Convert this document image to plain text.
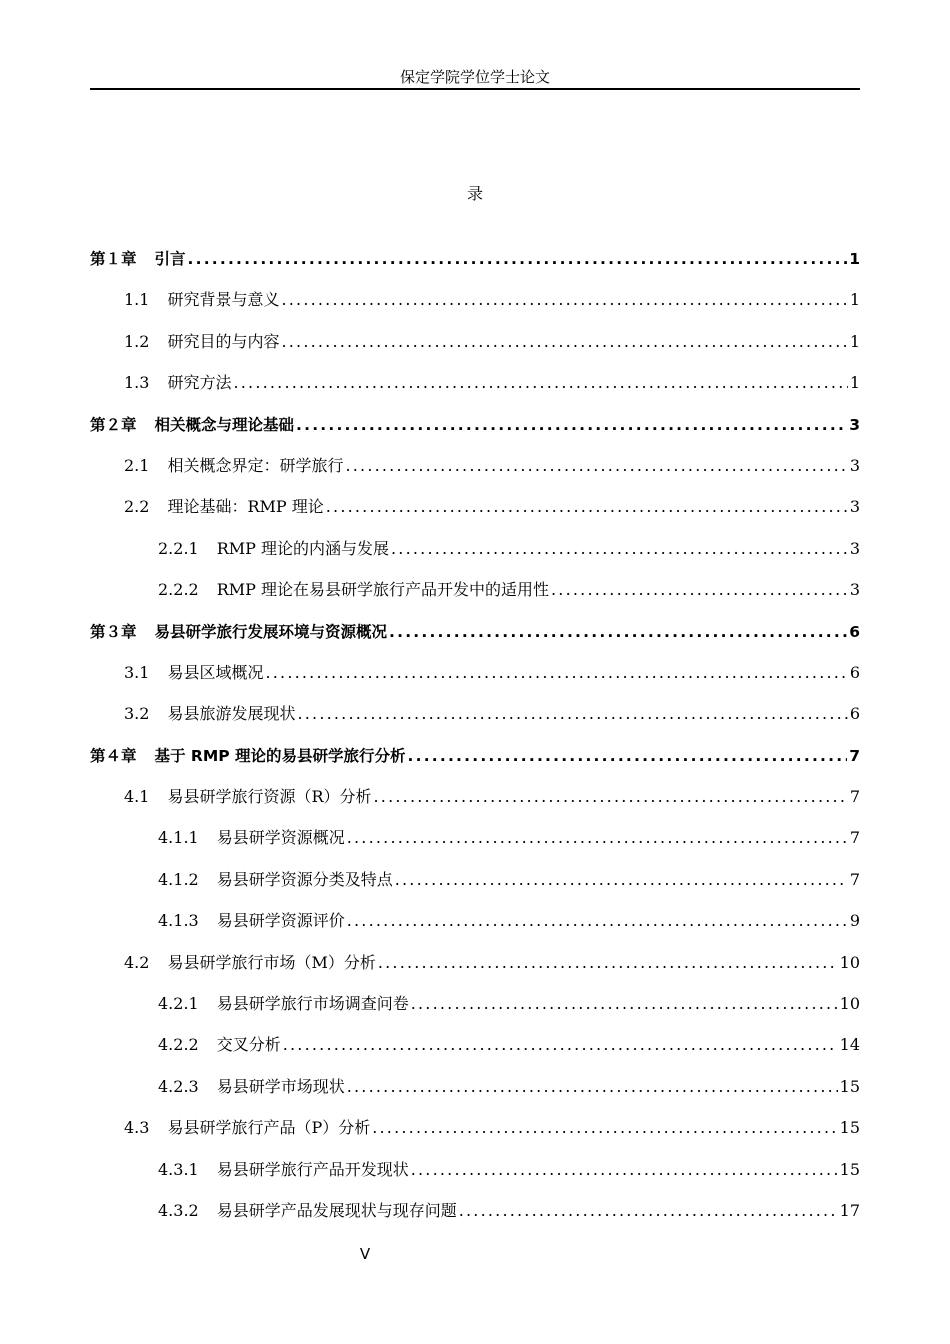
保定学院学位学士论文
录
第１章 引言 .....	1
1.1 研究背景与意义 .....	1
1.2 研究目的与内容 .....	1
1.3 研究方法 .....	1
第２章 相关概念与理论基础 .....	3
2.1 相关概念界定：研学旅行 .....	3
2.2 理论基础：RMP 理论 .....	3
2.2.1 RMP 理论的内涵与发展 .....	3
2.2.2 RMP 理论在易县研学旅行产品开发中的适用性 .....	3
第３章 易县研学旅行发展环境与资源概况 .....	6
3.1 易县区域概况 .....	6
3.2 易县旅游发展现状 .....	6
第４章 基于 RMP 理论的易县研学旅行分析 .....	7
4.1 易县研学旅行资源（R）分析 .....	7
4.1.1 易县研学资源概况 .....	7
4.1.2 易县研学资源分类及特点 .....	7
4.1.3 易县研学资源评价 .....	9
4.2 易县研学旅行市场（M）分析 .....	10
4.2.1 易县研学旅行市场调查问卷 .....	10
4.2.2 交叉分析 .....	14
4.2.3 易县研学市场现状 .....	15
4.3 易县研学旅行产品（P）分析 .....	15
4.3.1 易县研学旅行产品开发现状 .....	15
4.3.2 易县研学产品发展现状与现存问题 .....	17
V
